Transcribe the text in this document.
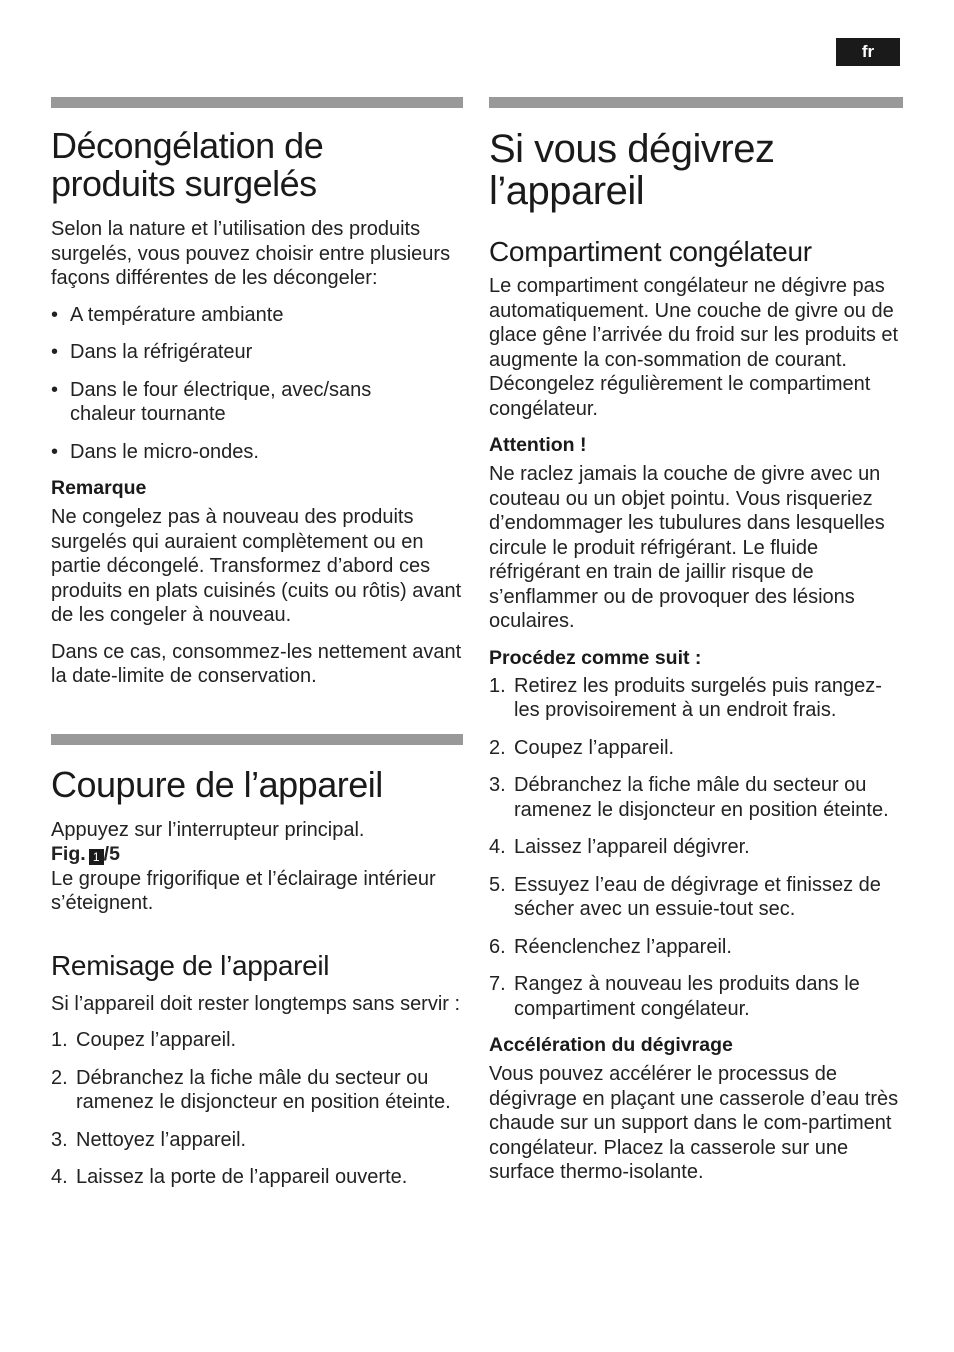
fr
Décongélation de
produits surgelés

Selon la nature et l’utilisation des produits surgelés, vous pouvez choisir entre plusieurs façons différentes de les décongeler:

• A température ambiante
• Dans la réfrigérateur
• Dans le four électrique, avec/sans
chaleur tournante
• Dans le micro-ondes.
Remarque

Ne congelez pas à nouveau des produits surgelés qui auraient complètement ou en partie décongelé. Transformez d’abord ces produits en plats cuisinés (cuits ou rôtis) avant de les congeler à nouveau.

Dans ce cas, consommez-les nettement avant la date-limite de conservation.

Coupure de l’appareil

Appuyez sur l’interrupteur principal.

Fig. 1 /5

Le groupe frigorifique et l’éclairage intérieur s’éteignent.

Remisage de l’appareil

Si l’appareil doit rester longtemps sans servir :

1. Coupez l’appareil.
2. Débranchez la fiche mâle du secteur ou ramenez le disjoncteur en position éteinte.
3. Nettoyez l’appareil.
4. Laissez la porte de l’appareil ouverte.
Si vous dégivrez
l’appareil
Compartiment congélateur

Le compartiment congélateur ne dégivre pas automatiquement. Une couche de givre ou de glace gêne l’arrivée du froid sur les produits et augmente la con-sommation de courant. Décongelez régulièrement le compartiment congélateur.

Attention !

Ne raclez jamais la couche de givre avec un couteau ou un objet pointu. Vous risqueriez d’endommager les tubulures dans lesquelles circule le produit réfrigérant. Le fluide réfrigérant en train de jaillir risque de s’enflammer ou de provoquer des lésions oculaires.

Procédez comme suit :
1. Retirez les produits surgelés puis rangez-les provisoirement à un endroit frais.
2. Coupez l’appareil.
3. Débranchez la fiche mâle du secteur ou ramenez le disjoncteur en position éteinte.
4. Laissez l’appareil dégivrer.
5. Essuyez l’eau de dégivrage et finissez de sécher avec un essuie-tout sec.
6. Réenclenchez l’appareil.
7. Rangez à nouveau les produits dans le compartiment congélateur.
Accélération du dégivrage

Vous pouvez accélérer le processus de dégivrage en plaçant une casserole d’eau très chaude sur un support dans le com-partiment congélateur. Placez la casserole sur une surface thermo-isolante.
